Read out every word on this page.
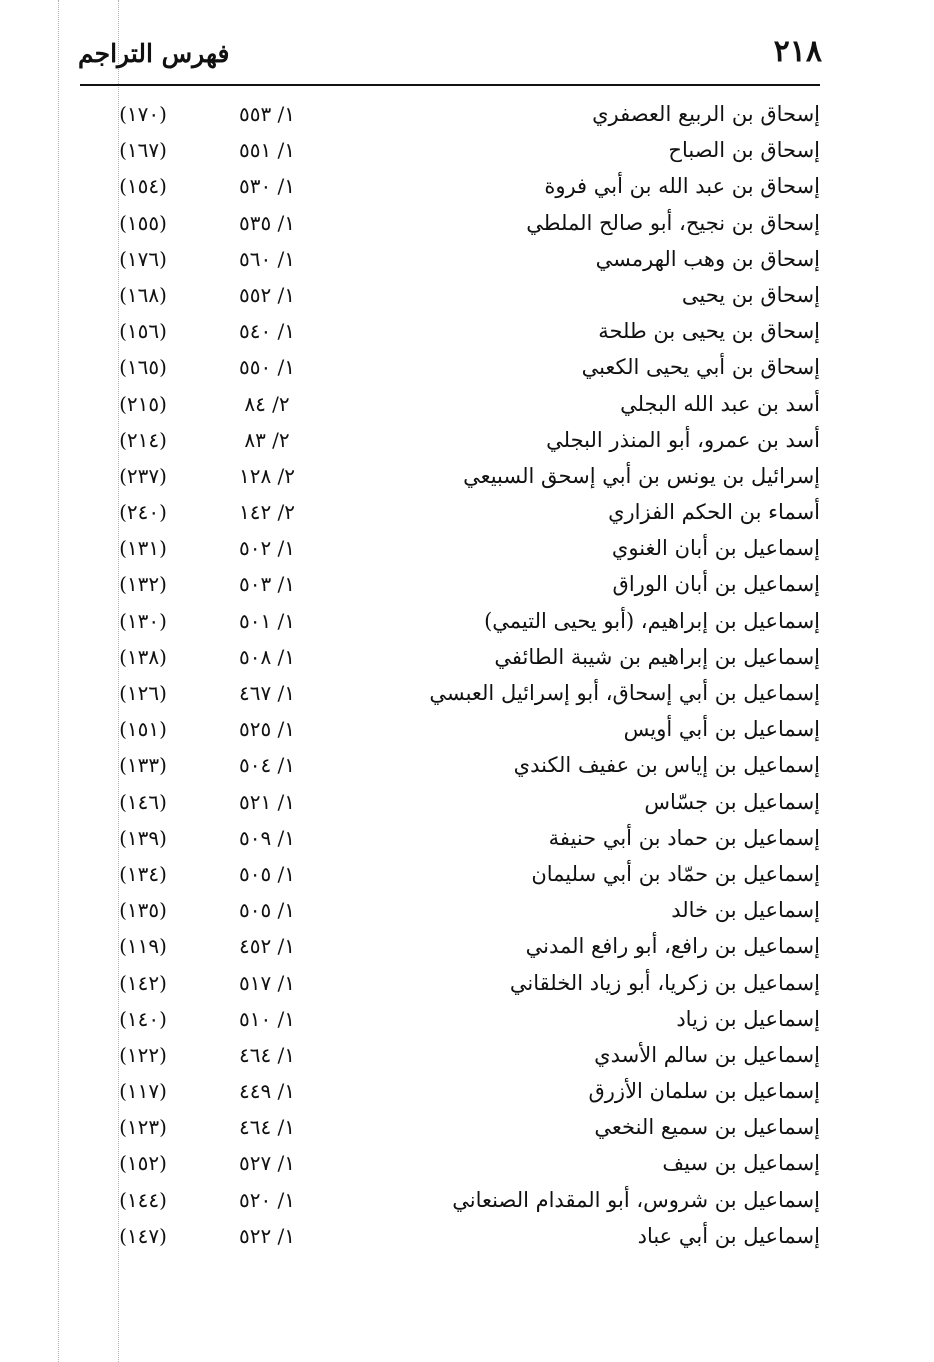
٢١٨
فهرس التراجم
إسحاق بن الربيع العصفري
١/ ٥٥٣
(١٧٠)
إسحاق بن الصباح
١/ ٥٥١
(١٦٧)
إسحاق بن عبد الله بن أبي فروة
١/ ٥٣٠
(١٥٤)
إسحاق بن نجيح، أبو صالح الملطي
١/ ٥٣٥
(١٥٥)
إسحاق بن وهب الهرمسي
١/ ٥٦٠
(١٧٦)
إسحاق بن يحيى
١/ ٥٥٢
(١٦٨)
إسحاق بن يحيى بن طلحة
١/ ٥٤٠
(١٥٦)
إسحاق بن أبي يحيى الكعبي
١/ ٥٥٠
(١٦٥)
أسد بن عبد الله البجلي
٢/ ٨٤
(٢١٥)
أسد بن عمرو، أبو المنذر البجلي
٢/ ٨٣
(٢١٤)
إسرائيل بن يونس بن أبي إسحق السبيعي
٢/ ١٢٨
(٢٣٧)
أسماء بن الحكم الفزاري
٢/ ١٤٢
(٢٤٠)
إسماعيل بن أبان الغنوي
١/ ٥٠٢
(١٣١)
إسماعيل بن أبان الوراق
١/ ٥٠٣
(١٣٢)
إسماعيل بن إبراهيم، (أبو يحيى التيمي)
١/ ٥٠١
(١٣٠)
إسماعيل بن إبراهيم بن شيبة الطائفي
١/ ٥٠٨
(١٣٨)
إسماعيل بن أبي إسحاق، أبو إسرائيل العبسي
١/ ٤٦٧
(١٢٦)
إسماعيل بن أبي أويس
١/ ٥٢٥
(١٥١)
إسماعيل بن إياس بن عفيف الكندي
١/ ٥٠٤
(١٣٣)
إسماعيل بن جسّاس
١/ ٥٢١
(١٤٦)
إسماعيل بن حماد بن أبي حنيفة
١/ ٥٠٩
(١٣٩)
إسماعيل بن حمّاد بن أبي سليمان
١/ ٥٠٥
(١٣٤)
إسماعيل بن خالد
١/ ٥٠٥
(١٣٥)
إسماعيل بن رافع، أبو رافع المدني
١/ ٤٥٢
(١١٩)
إسماعيل بن زكريا، أبو زياد الخلقاني
١/ ٥١٧
(١٤٢)
إسماعيل بن زياد
١/ ٥١٠
(١٤٠)
إسماعيل بن سالم الأسدي
١/ ٤٦٤
(١٢٢)
إسماعيل بن سلمان الأزرق
١/ ٤٤٩
(١١٧)
إسماعيل بن سميع النخعي
١/ ٤٦٤
(١٢٣)
إسماعيل بن سيف
١/ ٥٢٧
(١٥٢)
إسماعيل بن شروس، أبو المقدام الصنعاني
١/ ٥٢٠
(١٤٤)
إسماعيل بن أبي عباد
١/ ٥٢٢
(١٤٧)
